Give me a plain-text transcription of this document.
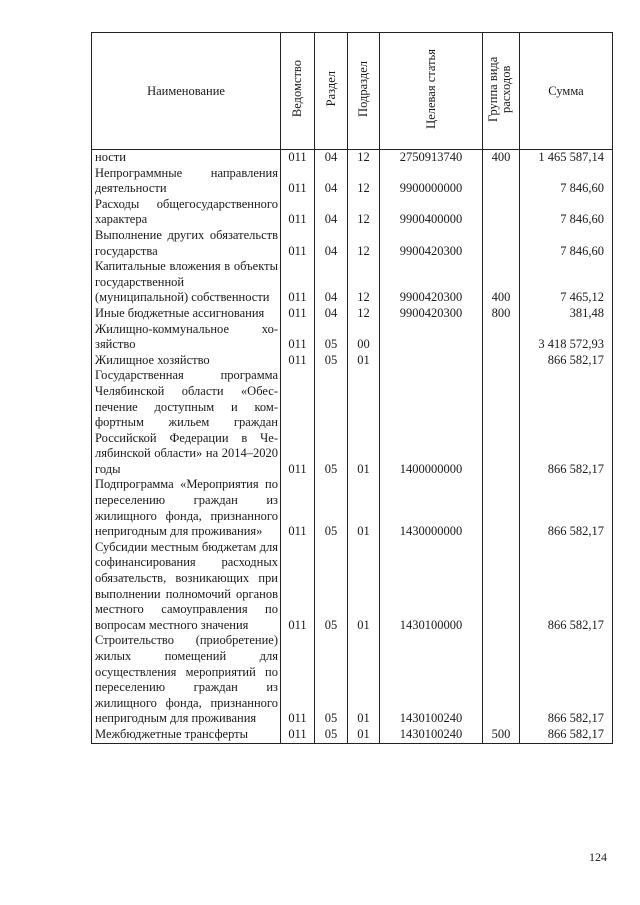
Наименование	Ведомство	Раздел	Подраздел	Целевая статья	Группа вида расходов	Сумма
ности	011	04	12	2750913740	400	1 465 587,14
Непрограммные направления деятельности	011	04	12	9900000000		7 846,60
Расходы общегосударственного характера	011	04	12	9900400000		7 846,60
Выполнение других обязательств государства	011	04	12	9900420300		7 846,60
Капитальные вложения в объекты государственной (муниципальной) собственности	011	04	12	9900420300	400	7 465,12
Иные бюджетные ассигнования	011	04	12	9900420300	800	381,48
Жилищно-коммунальное хозяйство	011	05	00			3 418 572,93
Жилищное хозяйство	011	05	01			866 582,17
Государственная программа Челябинской области «Обеспечение доступным и комфортным жильем граждан Российской Федерации в Челябинской области» на 2014–2020 годы	011	05	01	1400000000		866 582,17
Подпрограмма «Мероприятия по переселению граждан из жилищного фонда, признанного непригодным для проживания»	011	05	01	1430000000		866 582,17
Субсидии местным бюджетам для софинансирования расходных обязательств, возникающих при выполнении полномочий органов местного самоуправления по вопросам местного значения	011	05	01	1430100000		866 582,17
Строительство (приобретение) жилых помещений для осуществления мероприятий по переселению граждан из жилищного фонда, признанного непригодным для проживания	011	05	01	1430100240		866 582,17
Межбюджетные трансферты	011	05	01	1430100240	500	866 582,17
124
